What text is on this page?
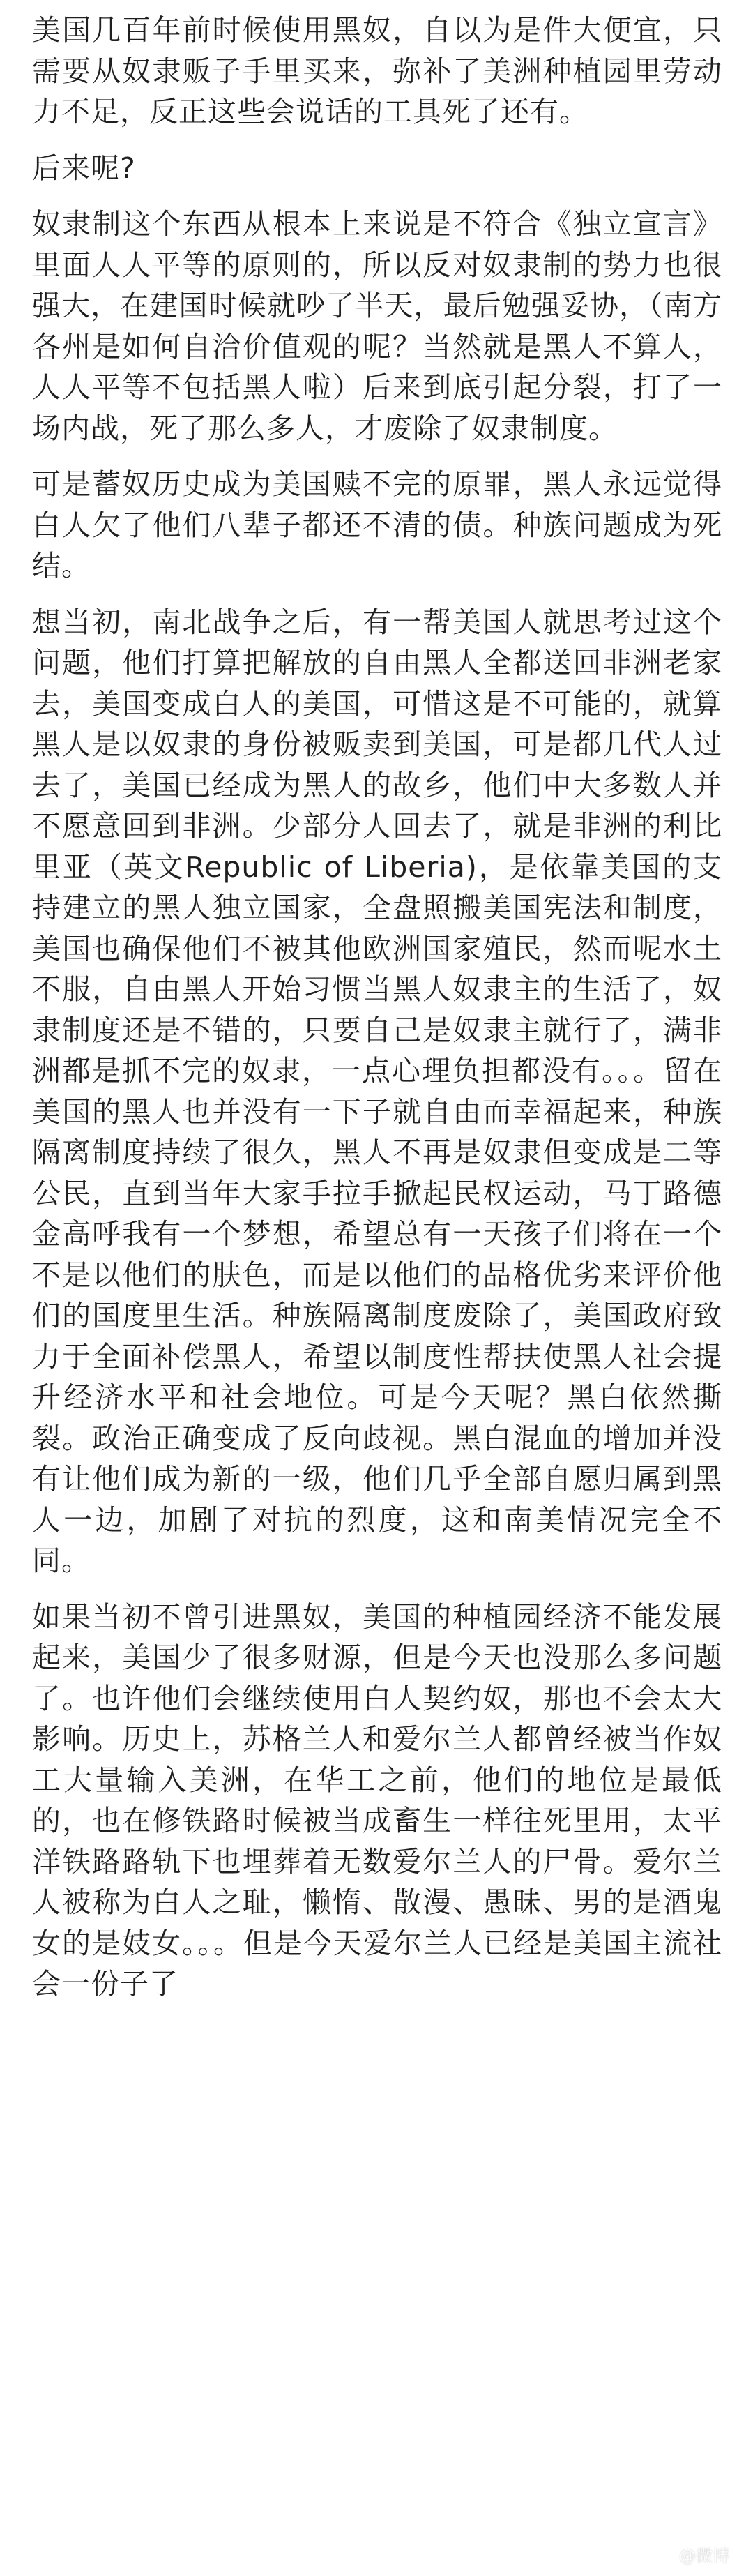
美国几百年前时候使用黑奴，自以为是件大便宜，只需要从奴隶贩子手里买来，弥补了美洲种植园里劳动力不足，反正这些会说话的工具死了还有。

后来呢?

奴隶制这个东西从根本上来说是不符合《独立宣言》里面人人平等的原则的，所以反对奴隶制的势力也很强大，在建国时候就吵了半天，最后勉强妥协，（南方各州是如何自洽价值观的呢？当然就是黑人不算人，人人平等不包括黑人啦）后来到底引起分裂，打了一场内战，死了那么多人，才废除了奴隶制度。

可是蓄奴历史成为美国赎不完的原罪，黑人永远觉得白人欠了他们八辈子都还不清的债。种族问题成为死结。

想当初，南北战争之后，有一帮美国人就思考过这个问题，他们打算把解放的自由黑人全都送回非洲老家去，美国变成白人的美国，可惜这是不可能的，就算黑人是以奴隶的身份被贩卖到美国，可是都几代人过去了，美国已经成为黑人的故乡，他们中大多数人并不愿意回到非洲。少部分人回去了，就是非洲的利比里亚（英文Republic of Liberia)，是依靠美国的支持建立的黑人独立国家，全盘照搬美国宪法和制度，美国也确保他们不被其他欧洲国家殖民，然而呢水土不服，自由黑人开始习惯当黑人奴隶主的生活了，奴隶制度还是不错的，只要自己是奴隶主就行了，满非洲都是抓不完的奴隶，一点心理负担都没有。。。留在美国的黑人也并没有一下子就自由而幸福起来，种族隔离制度持续了很久，黑人不再是奴隶但变成是二等公民，直到当年大家手拉手掀起民权运动，马丁路德金高呼我有一个梦想，希望总有一天孩子们将在一个不是以他们的肤色，而是以他们的品格优劣来评价他们的国度里生活。种族隔离制度废除了，美国政府致力于全面补偿黑人，希望以制度性帮扶使黑人社会提升经济水平和社会地位。可是今天呢？黑白依然撕裂。政治正确变成了反向歧视。黑白混血的增加并没有让他们成为新的一级，他们几乎全部自愿归属到黑人一边，加剧了对抗的烈度，这和南美情况完全不同。

如果当初不曾引进黑奴，美国的种植园经济不能发展起来，美国少了很多财源，但是今天也没那么多问题了。也许他们会继续使用白人契约奴，那也不会太大影响。历史上，苏格兰人和爱尔兰人都曾经被当作奴工大量输入美洲，在华工之前，他们的地位是最低的，也在修铁路时候被当成畜生一样往死里用，太平洋铁路路轨下也埋葬着无数爱尔兰人的尸骨。爱尔兰人被称为白人之耻，懒惰、散漫、愚昧、男的是酒鬼女的是妓女。。。但是今天爱尔兰人已经是美国主流社会一份子了

@微博
